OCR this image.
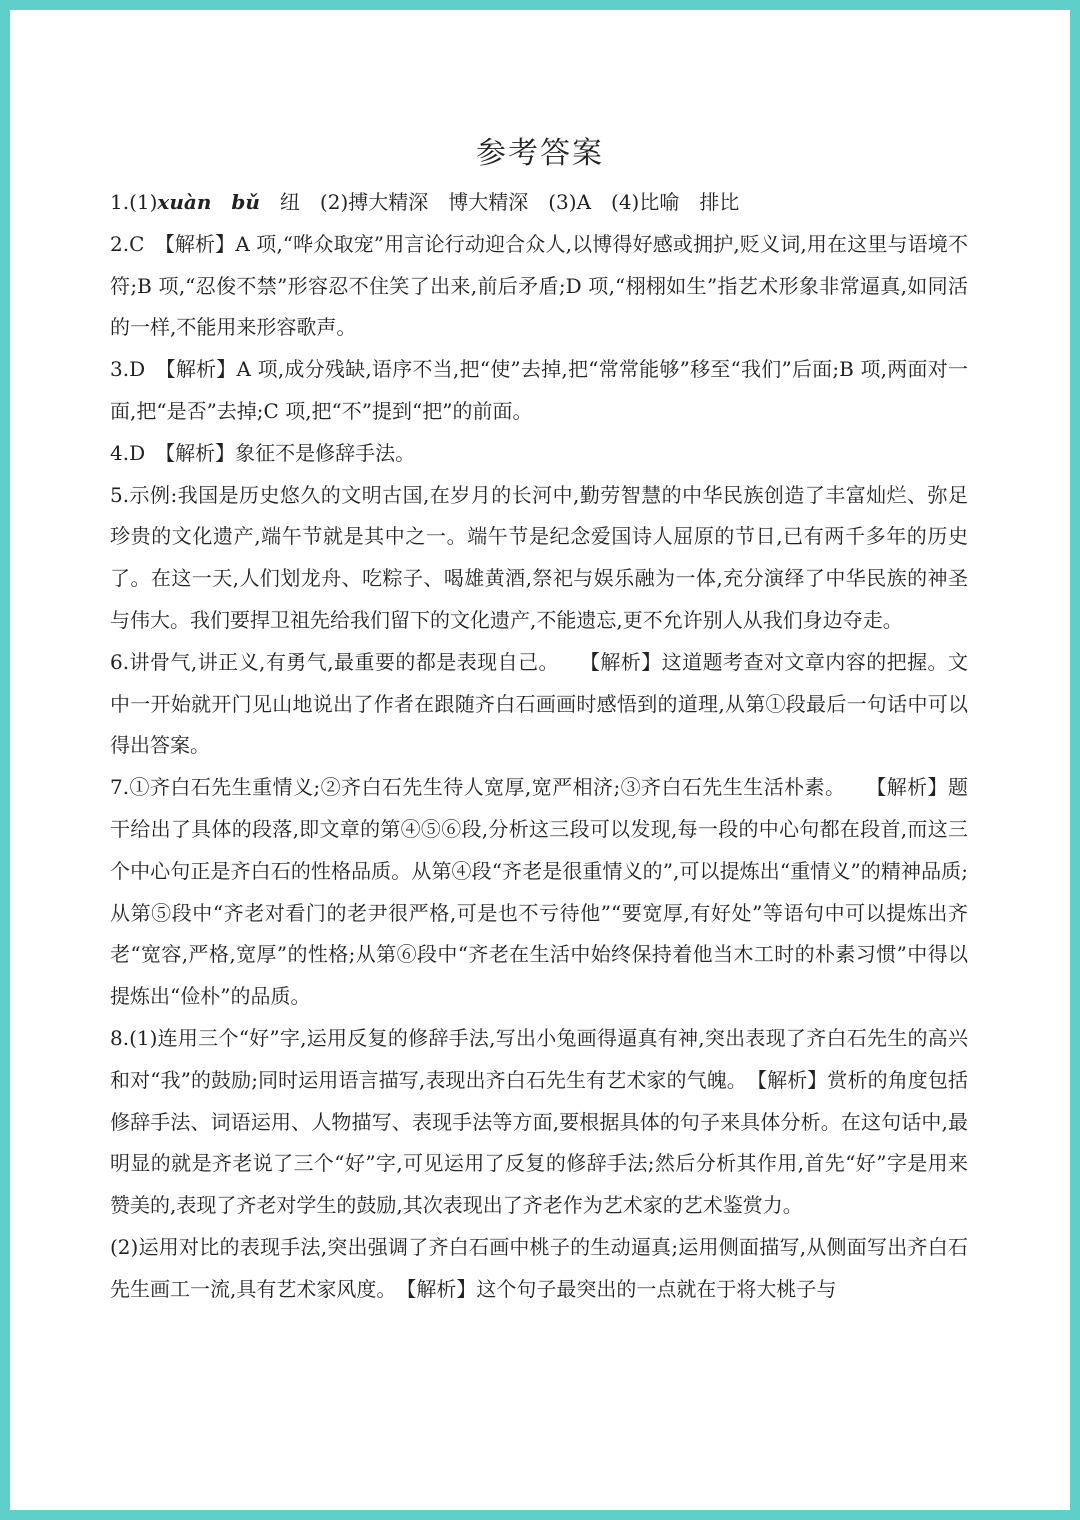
参考答案

1.(1)xuàn　 bǔ　 纽　(2)搏大精深　博大精深　(3)A　(4)比喻　排比

2.C　【解析】A 项,“哗众取宠”用言论行动迎合众人,以博得好感或拥护,贬义词,用在这里与语境不符;B 项,“忍俊不禁”形容忍不住笑了出来,前后矛盾;D 项,“栩栩如生”指艺术形象非常逼真,如同活的一样,不能用来形容歌声。

3.D　【解析】A 项,成分残缺,语序不当,把“使”去掉,把“常常能够”移至“我们”后面;B 项,两面对一面,把“是否”去掉;C 项,把“不”提到“把”的前面。

4.D　【解析】象征不是修辞手法。

5.示例:我国是历史悠久的文明古国,在岁月的长河中,勤劳智慧的中华民族创造了丰富灿烂、弥足珍贵的文化遗产,端午节就是其中之一。端午节是纪念爱国诗人屈原的节日,已有两千多年的历史了。在这一天,人们划龙舟、吃粽子、喝雄黄酒,祭祀与娱乐融为一体,充分演绎了中华民族的神圣与伟大。我们要捍卫祖先给我们留下的文化遗产,不能遗忘,更不允许别人从我们身边夺走。

6.讲骨气,讲正义,有勇气,最重要的都是表现自己。　　【解析】这道题考查对文章内容的把握。文中一开始就开门见山地说出了作者在跟随齐白石画画时感悟到的道理,从第①段最后一句话中可以得出答案。

7.①齐白石先生重情义;②齐白石先生待人宽厚,宽严相济;③齐白石先生生活朴素。　　【解析】题干给出了具体的段落,即文章的第④⑤⑥段,分析这三段可以发现,每一段的中心句都在段首,而这三个中心句正是齐白石的性格品质。从第④段“齐老是很重情义的”,可以提炼出“重情义”的精神品质;从第⑤段中“齐老对看门的老尹很严格,可是也不亏待他”“要宽厚,有好处”等语句中可以提炼出齐老“宽容,严格,宽厚”的性格;从第⑥段中“齐老在生活中始终保持着他当木工时的朴素习惯”中得以提炼出“俭朴”的品质。

8.(1)连用三个“好”字,运用反复的修辞手法,写出小兔画得逼真有神,突出表现了齐白石先生的高兴和对“我”的鼓励;同时运用语言描写,表现出齐白石先生有艺术家的气魄。　【解析】赏析的角度包括修辞手法、词语运用、人物描写、表现手法等方面,要根据具体的句子来具体分析。在这句话中,最明显的就是齐老说了三个“好”字,可见运用了反复的修辞手法;然后分析其作用,首先“好”字是用来赞美的,表现了齐老对学生的鼓励,其次表现出了齐老作为艺术家的艺术鉴赏力。

(2)运用对比的表现手法,突出强调了齐白石画中桃子的生动逼真;运用侧面描写,从侧面写出齐白石先生画工一流,具有艺术家风度。　【解析】这个句子最突出的一点就在于将大桃子与
